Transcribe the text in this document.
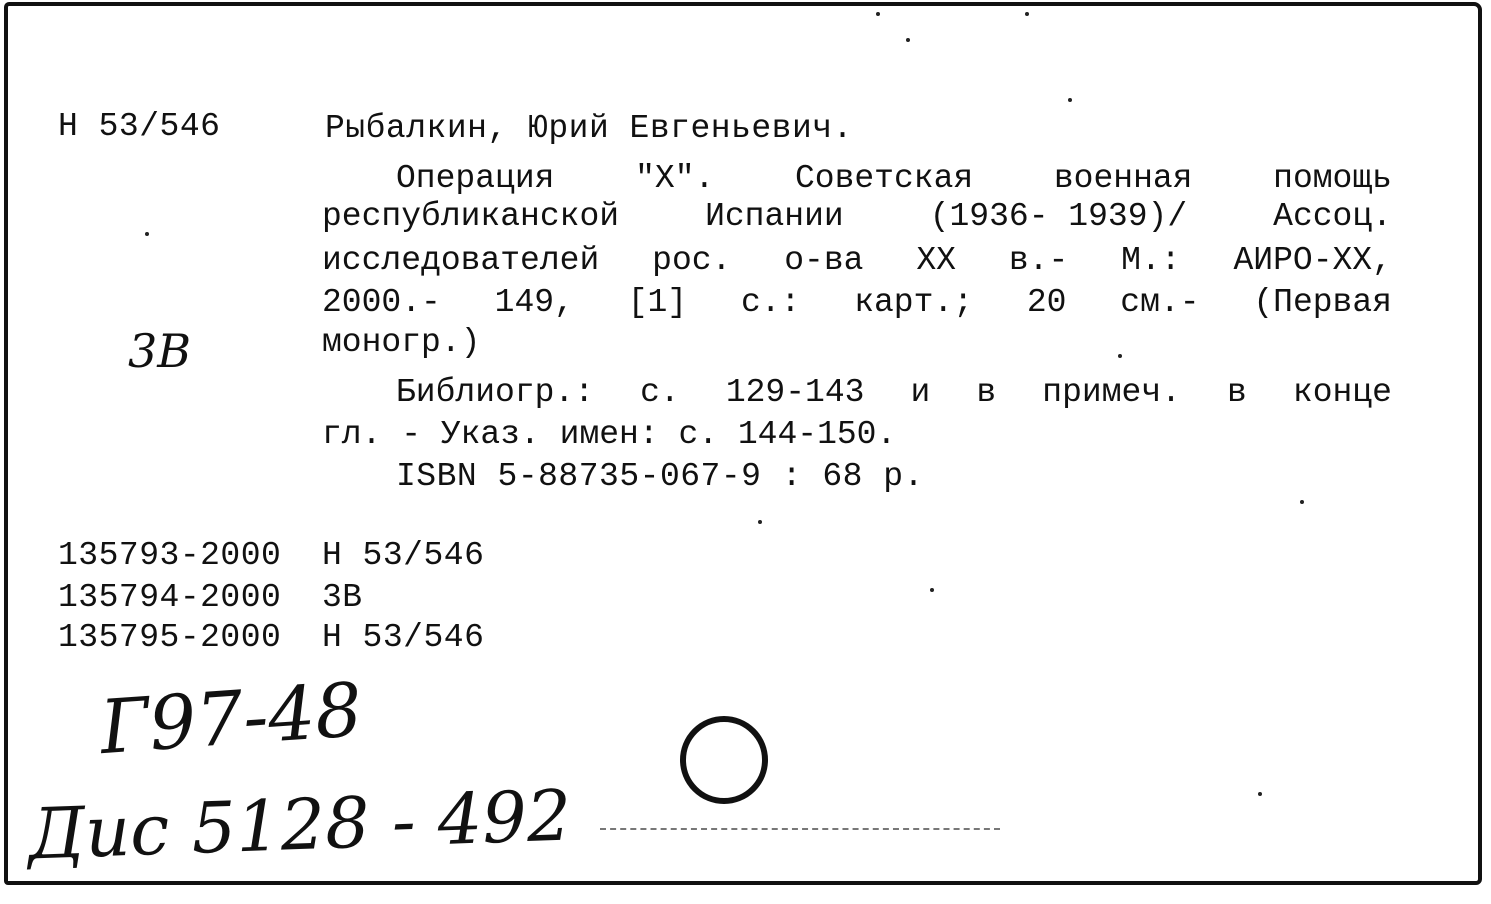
Н 53/546	Рыбалкин, Юрий Евгеньевич.
Операция "Х". Советская военная помощь
республиканской	Испании	(1936- 1939)/	Ассоц.
исследователей рос. о-ва ХХ в.- М.: АИРО-ХХ,
2000.- 149, [1] с.: карт.; 20 см.- (Первая
моногр.)
Библиогр.: с. 129-143 и в примеч. в конце
гл. - Указ. имен: с. 144-150.
ISBN 5-88735-067-9 : 68 р.
3В
135793-2000  Н 53/546
135794-2000  3В
135795-2000  Н 53/546
Г97-48
Дис 5128 - 492
